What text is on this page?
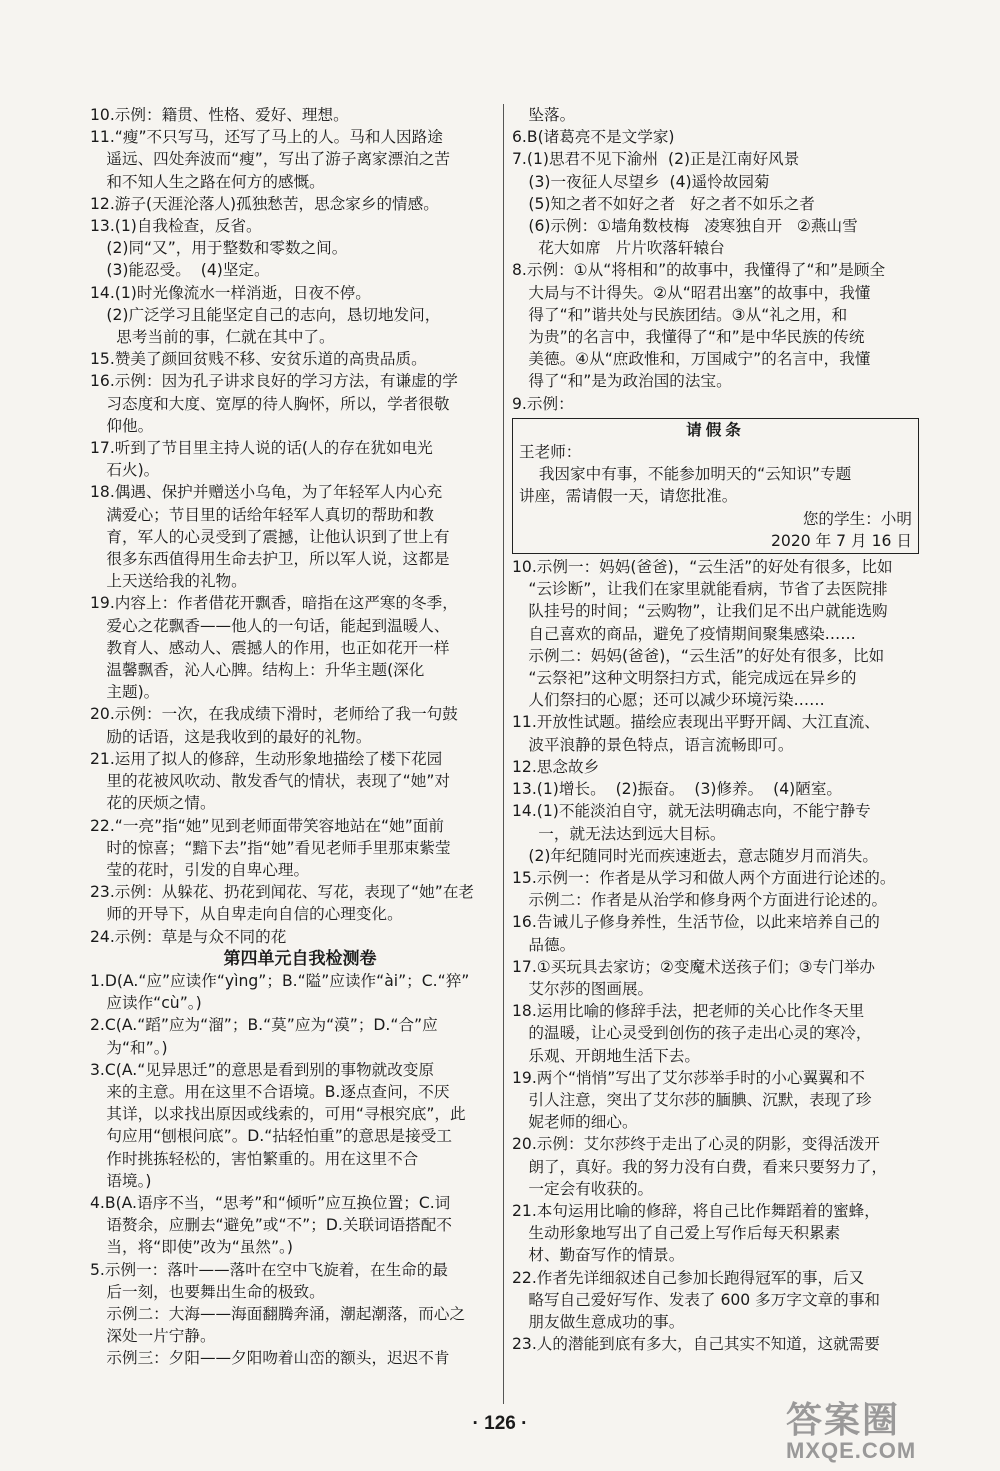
10.示例：籍贯、性格、爱好、理想。
11.“瘦”不只写马，还写了马上的人。马和人因路途
遥远、四处奔波而“瘦”，写出了游子离家漂泊之苦
和不知人生之路在何方的感慨。
12.游子(天涯沦落人)孤独愁苦，思念家乡的情感。
13.(1)自我检查，反省。
(2)同“又”，用于整数和零数之间。
(3)能忍受。  (4)坚定。
14.(1)时光像流水一样消逝，日夜不停。
(2)广泛学习且能坚定自己的志向，恳切地发问，
思考当前的事，仁就在其中了。
15.赞美了颜回贫贱不移、安贫乐道的高贵品质。
16.示例：因为孔子讲求良好的学习方法，有谦虚的学
习态度和大度、宽厚的待人胸怀，所以，学者很敬
仰他。
17.听到了节目里主持人说的话(人的存在犹如电光
石火)。
18.偶遇、保护并赠送小乌龟，为了年轻军人内心充
满爱心；节目里的话给年轻军人真切的帮助和教
育，军人的心灵受到了震撼，让他认识到了世上有
很多东西值得用生命去护卫，所以军人说，这都是
上天送给我的礼物。
19.内容上：作者借花开飘香，暗指在这严寒的冬季，
爱心之花飘香——他人的一句话，能起到温暖人、
教育人、感动人、震撼人的作用，也正如花开一样
温馨飘香，沁人心脾。结构上：升华主题(深化
主题)。
20.示例：一次，在我成绩下滑时，老师给了我一句鼓
励的话语，这是我收到的最好的礼物。
21.运用了拟人的修辞，生动形象地描绘了楼下花园
里的花被风吹动、散发香气的情状，表现了“她”对
花的厌烦之情。
22.“一亮”指“她”见到老师面带笑容地站在“她”面前
时的惊喜；“黯下去”指“她”看见老师手里那束紫莹
莹的花时，引发的自卑心理。
23.示例：从躲花、扔花到闻花、写花，表现了“她”在老
师的开导下，从自卑走向自信的心理变化。
24.示例：草是与众不同的花
第四单元自我检测卷
1.D(A.“应”应读作“yìng”；B.“隘”应读作“ài”；C.“猝”
应读作“cù”。)
2.C(A.“蹈”应为“溜”；B.“莫”应为“漠”；D.“合”应
为“和”。)
3.C(A.“见异思迁”的意思是看到别的事物就改变原
来的主意。用在这里不合语境。B.逐点查问，不厌
其详，以求找出原因或线索的，可用“寻根究底”，此
句应用“刨根问底”。D.“拈轻怕重”的意思是接受工
作时挑拣轻松的，害怕繁重的。用在这里不合
语境。)
4.B(A.语序不当，“思考”和“倾听”应互换位置；C.词
语赘余，应删去“避免”或“不”；D.关联词语搭配不
当，将“即使”改为“虽然”。)
5.示例一：落叶——落叶在空中飞旋着，在生命的最
后一刻，也要舞出生命的极致。
示例二：大海——海面翻腾奔涌，潮起潮落，而心之
深处一片宁静。
示例三：夕阳——夕阳吻着山峦的额头，迟迟不肯
坠落。
6.B(诸葛亮不是文学家)
7.(1)思君不见下渝州  (2)正是江南好风景
(3)一夜征人尽望乡  (4)遥怜故园菊
(5)知之者不如好之者   好之者不如乐之者
(6)示例：①墙角数枝梅   凌寒独自开   ②燕山雪
花大如席   片片吹落轩辕台
8.示例：①从“将相和”的故事中，我懂得了“和”是顾全
大局与不计得失。②从“昭君出塞”的故事中，我懂
得了“和”谐共处与民族团结。③从“礼之用，和
为贵”的名言中，我懂得了“和”是中华民族的传统
美德。④从“庶政惟和，万国咸宁”的名言中，我懂
得了“和”是为政治国的法宝。
9.示例：
请假条
王老师：
我因家中有事，不能参加明天的“云知识”专题
讲座，需请假一天，请您批准。
您的学生：小明
2020 年 7 月 16 日
10.示例一：妈妈(爸爸)，“云生活”的好处有很多，比如
“云诊断”，让我们在家里就能看病，节省了去医院排
队挂号的时间；“云购物”，让我们足不出户就能选购
自己喜欢的商品，避免了疫情期间聚集感染……
示例二：妈妈(爸爸)，“云生活”的好处有很多，比如
“云祭祀”这种文明祭扫方式，能完成远在异乡的
人们祭扫的心愿；还可以减少环境污染……
11.开放性试题。描绘应表现出平野开阔、大江直流、
波平浪静的景色特点，语言流畅即可。
12.思念故乡
13.(1)增长。  (2)振奋。  (3)修养。  (4)陋室。
14.(1)不能淡泊自守，就无法明确志向，不能宁静专
一，就无法达到远大目标。
(2)年纪随同时光而疾速逝去，意志随岁月而消失。
15.示例一：作者是从学习和做人两个方面进行论述的。
示例二：作者是从治学和修身两个方面进行论述的。
16.告诫儿子修身养性，生活节俭，以此来培养自己的
品德。
17.①买玩具去家访；②变魔术送孩子们；③专门举办
艾尔莎的图画展。
18.运用比喻的修辞手法，把老师的关心比作冬天里
的温暖，让心灵受到创伤的孩子走出心灵的寒冷，
乐观、开朗地生活下去。
19.两个“悄悄”写出了艾尔莎举手时的小心翼翼和不
引人注意，突出了艾尔莎的腼腆、沉默，表现了珍
妮老师的细心。
20.示例：艾尔莎终于走出了心灵的阴影，变得活泼开
朗了，真好。我的努力没有白费，看来只要努力了，
一定会有收获的。
21.本句运用比喻的修辞，将自己比作舞蹈着的蜜蜂，
生动形象地写出了自己爱上写作后每天积累素
材、勤奋写作的情景。
22.作者先详细叙述自己参加长跑得冠军的事，后又
略写自己爱好写作、发表了 600 多万字文章的事和
朋友做生意成功的事。
23.人的潜能到底有多大，自己其实不知道，这就需要
· 126 ·	答案圈
MXQE.COM
